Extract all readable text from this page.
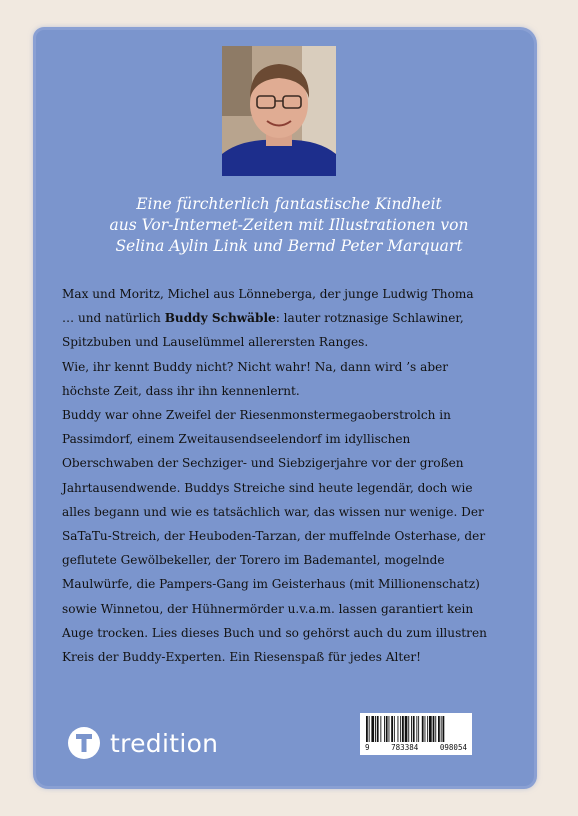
Eine fürchterlich fantastische Kindheit
aus Vor-Internet-Zeiten mit Illustrationen von
Selina Aylin Link und Bernd Peter Marquart

Max und Moritz, Michel aus Lönneberga, der junge Ludwig Thoma … und natürlich Buddy Schwäble: lauter rotznasige Schlawiner, Spitzbuben und Lauselümmel allerersten Ranges.

Wie, ihr kennt Buddy nicht? Nicht wahr! Na, dann wird ’s aber höchste Zeit, dass ihr ihn kennenlernt.

Buddy war ohne Zweifel der Riesenmonstermegaoberstrolch in Passimdorf, einem Zweitausendseelendorf im idyllischen Oberschwaben der Sechziger- und Siebzigerjahre vor der großen Jahrtausendwende. Buddys Streiche sind heute legendär, doch wie alles begann und wie es tatsächlich war, das wissen nur wenige. Der SaTaTu-Streich, der Heuboden-Tarzan, der muffelnde Osterhase, der geflutete Gewölbekeller, der Torero im Bademantel, mogelnde Maulwürfe, die Pampers-Gang im Geisterhaus (mit Millionenschatz) sowie Winnetou, der Hühnermörder u.v.a.m. lassen garantiert kein Auge trocken. Lies dieses Buch und so gehörst auch du zum illustren Kreis der Buddy-Experten. Ein Riesenspaß für jedes Alter!

tredition	9	783384	098054
